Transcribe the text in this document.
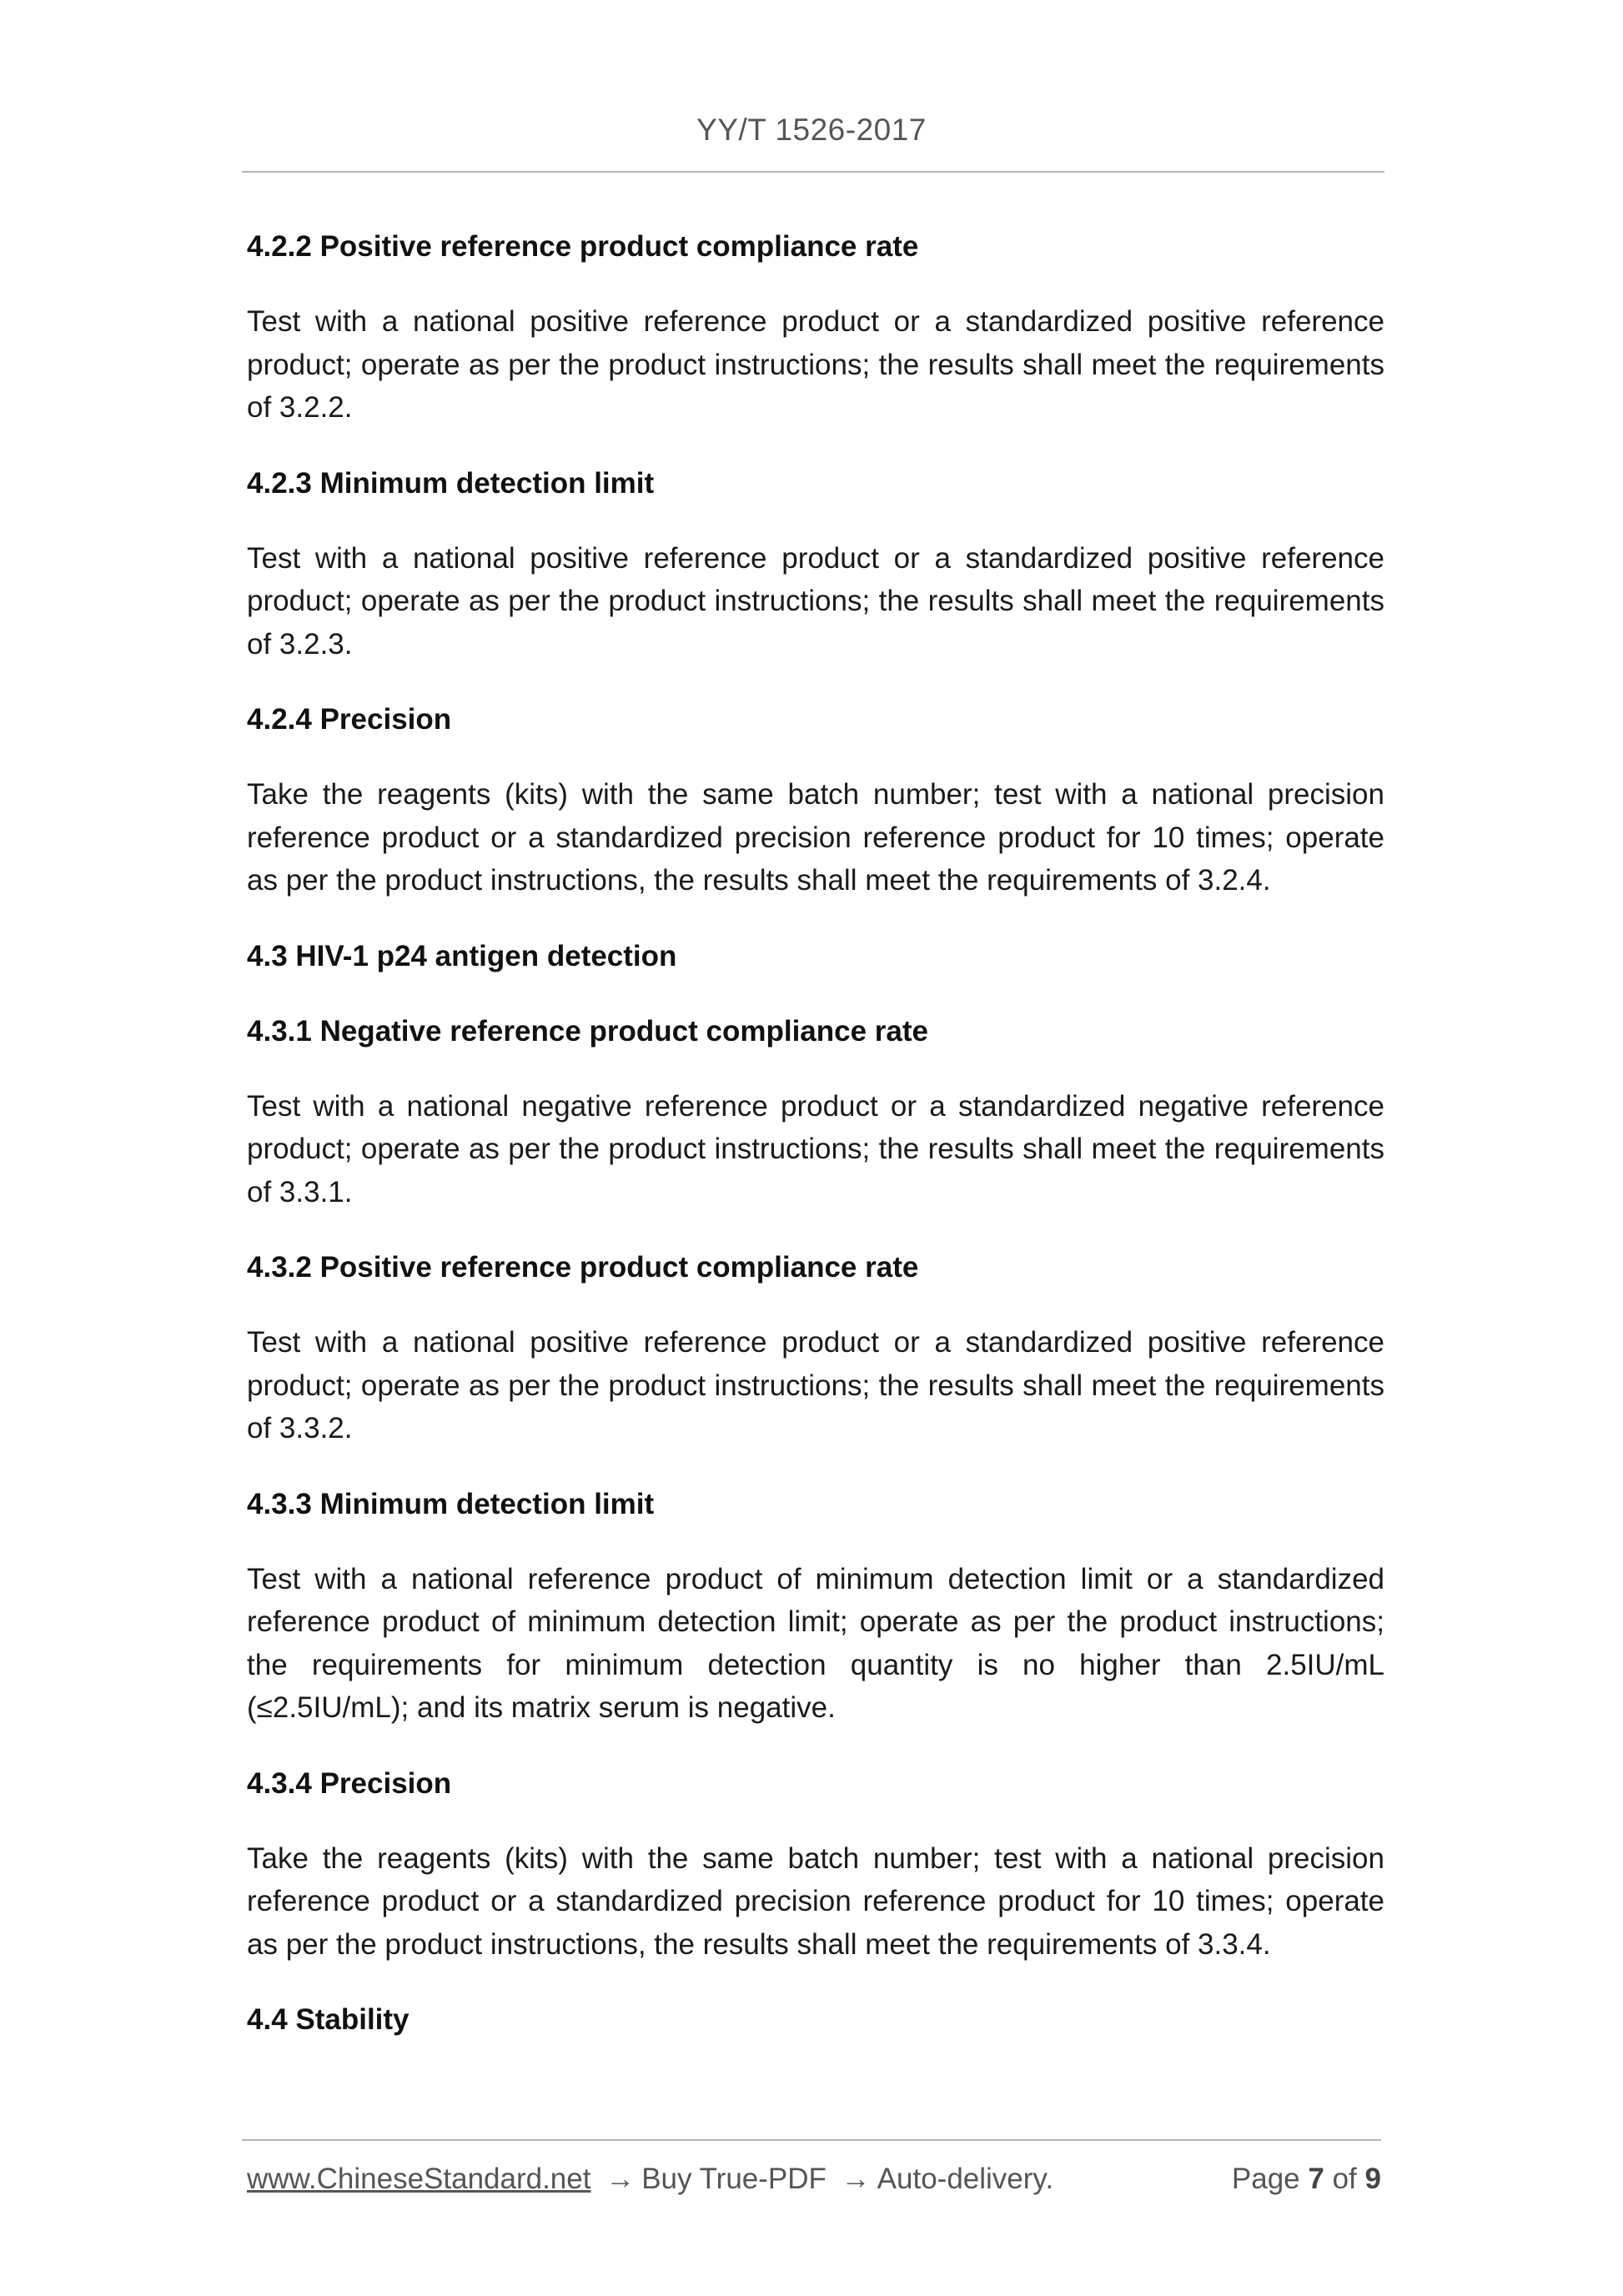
YY/T 1526-2017
4.2.2 Positive reference product compliance rate
Test with a national positive reference product or a standardized positive reference product; operate as per the product instructions; the results shall meet the requirements of 3.2.2.
4.2.3 Minimum detection limit
Test with a national positive reference product or a standardized positive reference product; operate as per the product instructions; the results shall meet the requirements of 3.2.3.
4.2.4 Precision
Take the reagents (kits) with the same batch number; test with a national precision reference product or a standardized precision reference product for 10 times; operate as per the product instructions, the results shall meet the requirements of 3.2.4.
4.3 HIV-1 p24 antigen detection
4.3.1 Negative reference product compliance rate
Test with a national negative reference product or a standardized negative reference product; operate as per the product instructions; the results shall meet the requirements of 3.3.1.
4.3.2 Positive reference product compliance rate
Test with a national positive reference product or a standardized positive reference product; operate as per the product instructions; the results shall meet the requirements of 3.3.2.
4.3.3 Minimum detection limit
Test with a national reference product of minimum detection limit or a standardized reference product of minimum detection limit; operate as per the product instructions; the requirements for minimum detection quantity is no higher than 2.5IU/mL (≤2.5IU/mL); and its matrix serum is negative.
4.3.4 Precision
Take the reagents (kits) with the same batch number; test with a national precision reference product or a standardized precision reference product for 10 times; operate as per the product instructions, the results shall meet the requirements of 3.3.4.
4.4 Stability
www.ChineseStandard.net → Buy True-PDF → Auto-delivery.	Page 7 of 9
